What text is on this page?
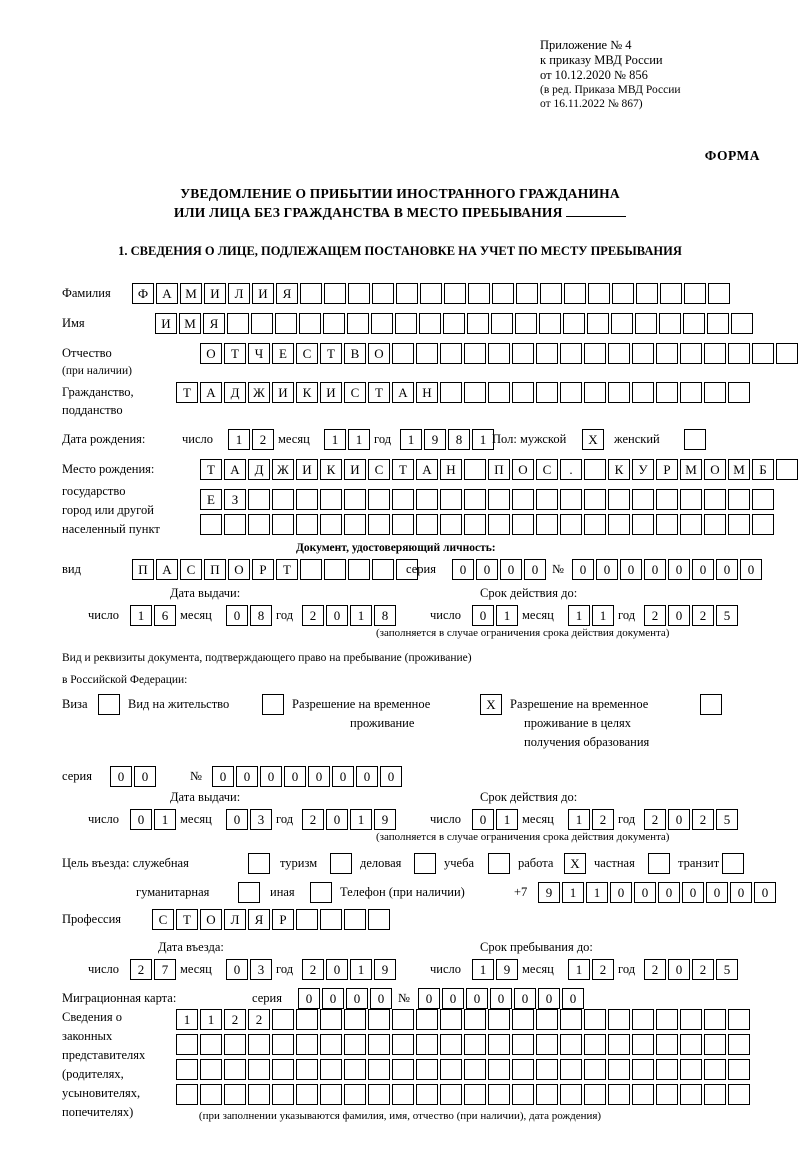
Приложение № 4
к приказу МВД России
от 10.12.2020 № 856
(в ред. Приказа МВД России
от 16.11.2022 № 867)
ФОРМА
УВЕДОМЛЕНИЕ О ПРИБЫТИИ ИНОСТРАННОГО ГРАЖДАНИНА
ИЛИ ЛИЦА БЕЗ ГРАЖДАНСТВА В МЕСТО ПРЕБЫВАНИЯ
1. СВЕДЕНИЯ О ЛИЦЕ, ПОДЛЕЖАЩЕМ ПОСТАНОВКЕ НА УЧЕТ ПО МЕСТУ ПРЕБЫВАНИЯ
Фамилия	Ф	А	М	И	Л	И	Я
Имя	И	М	Я
Отчество
(при наличии)
О	Т	Ч	Е	С	Т	В	О
Гражданство,
подданство
Т	А	Д	Ж	И	К	И	С	Т	А	Н
Дата рождения:	число	1	2 месяц	1	1 год	1	9	8	1 Пол: мужской	X	женский
Место рождения:
государство
Т	А	Д	Ж	И	К	И	С	Т	А	Н	П	О	С	.	К	У	Р	М	О	М	Б
город или другой
Е	З
населенный пункт
Документ, удостоверяющий личность:
вид	П	А	С	П	О	Р	Т	серия	0	0	0	0	№	0	0	0	0	0	0	0	0
Дата выдачи:	Срок действия до:
число	1	6 месяц	0	8 год	2	0	1	8	число	0	1 месяц	1	1 год	2	0	2	5
(заполняется в случае ограничения срока действия документа)
Вид и реквизиты документа, подтверждающего право на пребывание (проживание)
в Российской Федерации:
Виза	Вид на жительство	Разрешение на временное
проживание
X	Разрешение на временное
проживание в целях
получения образования
серия	0	0	№	0	0	0	0	0	0	0	0
Дата выдачи:	Срок действия до:
число	0	1 месяц	0	3 год	2	0	1	9	число	0	1 месяц	1	2 год	2	0	2	5
(заполняется в случае ограничения срока действия документа)
Цель въезда: служебная	туризм	деловая	учеба	работа	X	частная	транзит
гуманитарная	иная	Телефон (при наличии)	+7	9	1	1	0	0	0	0	0	0	0
Профессия	С	Т	О	Л	Я	Р
Дата въезда:	Срок пребывания до:
число	2	7 месяц	0	3 год	2	0	1	9	число	1	9 месяц	1	2 год	2	0	2	5
Миграционная карта:	серия	0	0	0	0	№	0	0	0	0	0	0	0
Сведения о
законных
представителях
(родителях,
усыновителях,
попечителях)
1	1	2	2
(при заполнении указываются фамилия, имя, отчество (при наличии), дата рождения)
